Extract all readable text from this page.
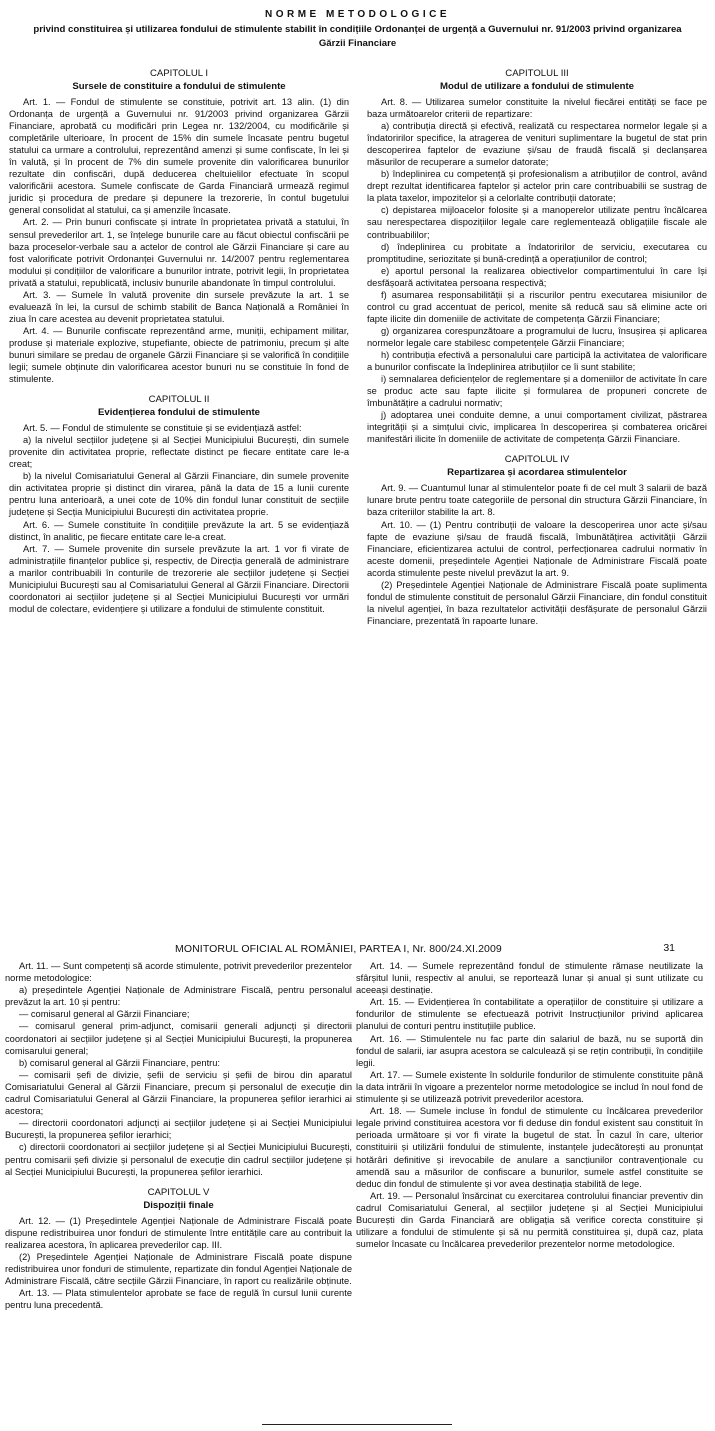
NORME METODOLOGICE
privind constituirea și utilizarea fondului de stimulente stabilit în condițiile Ordonanței de urgență a Guvernului nr. 91/2003 privind organizarea Gărzii Financiare
CAPITOLUL I
Sursele de constituire a fondului de stimulente
Art. 1. — Fondul de stimulente se constituie, potrivit art. 13 alin. (1) din Ordonanța de urgență a Guvernului nr. 91/2003 privind organizarea Gărzii Financiare, aprobată cu modificări prin Legea nr. 132/2004, cu modificările și completările ulterioare, în procent de 15% din sumele încasate pentru bugetul statului ca urmare a controlului, reprezentând amenzi și sume confiscate, în lei și în valută, și în procent de 7% din sumele provenite din valorificarea bunurilor rezultate din confiscări, după deducerea cheltuielilor efectuate în scopul valorificării acestora. Sumele confiscate de Garda Financiară urmează regimul juridic și procedura de predare și depunere la trezorerie, în contul bugetului general consolidat al statului, ca și amenzile încasate.
Art. 2. — Prin bunuri confiscate și intrate în proprietatea privată a statului, în sensul prevederilor art. 1, se înțelege bunurile care au făcut obiectul confiscării pe baza proceselor-verbale sau a actelor de control ale Gărzii Financiare și care au fost valorificate potrivit Ordonanței Guvernului nr. 14/2007 pentru reglementarea modului și condițiilor de valorificare a bunurilor intrate, potrivit legii, în proprietatea privată a statului, republicată, inclusiv bunurile abandonate în timpul controlului.
Art. 3. — Sumele în valută provenite din sursele prevăzute la art. 1 se evaluează în lei, la cursul de schimb stabilit de Banca Națională a României în ziua în care acestea au devenit proprietatea statului.
Art. 4. — Bunurile confiscate reprezentând arme, muniții, echipament militar, produse și materiale explozive, stupefiante, obiecte de patrimoniu, precum și alte bunuri similare se predau de organele Gărzii Financiare și se valorifică în condițiile legii; sumele obținute din valorificarea acestor bunuri nu se constituie în fond de stimulente.
CAPITOLUL II
Evidențierea fondului de stimulente
Art. 5. — Fondul de stimulente se constituie și se evidențiază astfel:
a) la nivelul secțiilor județene și al Secției Municipiului București, din sumele provenite din activitatea proprie, reflectate distinct pe fiecare entitate care le-a creat;
b) la nivelul Comisariatului General al Gărzii Financiare, din sumele provenite din activitatea proprie și distinct din virarea, până la data de 15 a lunii curente pentru luna anterioară, a unei cote de 10% din fondul lunar constituit de secțiile județene și Secția Municipiului București din activitatea proprie.
Art. 6. — Sumele constituite în condițiile prevăzute la art. 5 se evidențiază distinct, în analitic, pe fiecare entitate care le-a creat.
Art. 7. — Sumele provenite din sursele prevăzute la art. 1 vor fi virate de administrațiile finanțelor publice și, respectiv, de Direcția generală de administrare a marilor contribuabili în conturile de trezorerie ale secțiilor județene și Secției Municipiului București sau al Comisariatului General al Gărzii Financiare. Directorii coordonatori ai secțiilor județene și al Secției Municipiului București vor urmări modul de colectare, evidențiere și utilizare a fondului de stimulente constituit.
CAPITOLUL III
Modul de utilizare a fondului de stimulente
Art. 8. — Utilizarea sumelor constituite la nivelul fiecărei entități se face pe baza următoarelor criterii de repartizare:
a) contribuția directă și efectivă, realizată cu respectarea normelor legale și a îndatoririlor specifice, la atragerea de venituri suplimentare la bugetul de stat prin descoperirea faptelor de evaziune și/sau de fraudă fiscală și declanșarea măsurilor de recuperare a sumelor datorate;
b) îndeplinirea cu competență și profesionalism a atribuțiilor de control, având drept rezultat identificarea faptelor și actelor prin care contribuabilii se sustrag de la plata taxelor, impozitelor și a celorlalte contribuții datorate;
c) depistarea mijloacelor folosite și a manoperelor utilizate pentru încălcarea sau nerespectarea dispozițiilor legale care reglementează obligațiile fiscale ale contribuabililor;
d) îndeplinirea cu probitate a îndatoririlor de serviciu, executarea cu promptitudine, seriozitate și bună-credință a operațiunilor de control;
e) aportul personal la realizarea obiectivelor compartimentului în care își desfășoară activitatea persoana respectivă;
f) asumarea responsabilității și a riscurilor pentru executarea misiunilor de control cu grad accentuat de pericol, menite să reducă sau să elimine acte ori fapte ilicite din domeniile de activitate de competența Gărzii Financiare;
g) organizarea corespunzătoare a programului de lucru, însușirea și aplicarea normelor legale care stabilesc competențele Gărzii Financiare;
h) contribuția efectivă a personalului care participă la activitatea de valorificare a bunurilor confiscate la îndeplinirea atribuțiilor ce îi sunt stabilite;
i) semnalarea deficiențelor de reglementare și a domeniilor de activitate în care se produc acte sau fapte ilicite și formularea de propuneri concrete de îmbunătățire a cadrului normativ;
j) adoptarea unei conduite demne, a unui comportament civilizat, păstrarea integrității și a simțului civic, implicarea în descoperirea și combaterea oricărei manifestări ilicite în domeniile de activitate de competența Gărzii Financiare.
CAPITOLUL IV
Repartizarea și acordarea stimulentelor
Art. 9. — Cuantumul lunar al stimulentelor poate fi de cel mult 3 salarii de bază lunare brute pentru toate categoriile de personal din structura Gărzii Financiare, în baza criteriilor stabilite la art. 8.
Art. 10. — (1) Pentru contribuții de valoare la descoperirea unor acte și/sau fapte de evaziune și/sau de fraudă fiscală, îmbunătățirea activității Gărzii Financiare, eficientizarea actului de control, perfecționarea cadrului normativ în aceste domenii, președintele Agenției Naționale de Administrare Fiscală poate acorda stimulente peste nivelul prevăzut la art. 9.
(2) Președintele Agenției Naționale de Administrare Fiscală poate suplimenta fondul de stimulente constituit de personalul Gărzii Financiare, din fondul constituit la nivelul agenției, în baza rezultatelor activității desfășurate de personalul Gărzii Financiare, prezentată în rapoarte lunare.
MONITORUL OFICIAL AL ROMÂNIEI, PARTEA I, Nr. 800/24.XI.2009	31
Art. 11. — Sunt competenți să acorde stimulente, potrivit prevederilor prezentelor norme metodologice:
a) președintele Agenției Naționale de Administrare Fiscală, pentru personalul prevăzut la art. 10 și pentru:
— comisarul general al Gărzii Financiare;
— comisarul general prim-adjunct, comisarii generali adjuncți și directorii coordonatori ai secțiilor județene și al Secției Municipiului București, la propunerea comisarului general;
b) comisarul general al Gărzii Financiare, pentru:
— comisarii șefi de divizie, șefii de serviciu și șefii de birou din aparatul Comisariatului General al Gărzii Financiare, precum și personalul de execuție din cadrul Comisariatului General al Gărzii Financiare, la propunerea șefilor ierarhici ai acestora;
— directorii coordonatori adjuncți ai secțiilor județene și ai Secției Municipiului București, la propunerea șefilor ierarhici;
c) directorii coordonatori ai secțiilor județene și al Secției Municipiului București, pentru comisarii șefi divizie și personalul de execuție din cadrul secțiilor județene și al Secției Municipiului București, la propunerea șefilor ierarhici.
CAPITOLUL V
Dispoziții finale
Art. 12. — (1) Președintele Agenției Naționale de Administrare Fiscală poate dispune redistribuirea unor fonduri de stimulente între entitățile care au contribuit la realizarea acestora, în aplicarea prevederilor cap. III.
(2) Președintele Agenției Naționale de Administrare Fiscală poate dispune redistribuirea unor fonduri de stimulente, repartizate din fondul Agenției Naționale de Administrare Fiscală, către secțiile Gărzii Financiare, în raport cu realizările obținute.
Art. 13. — Plata stimulentelor aprobate se face de regulă în cursul lunii curente pentru luna precedentă.
Art. 14. — Sumele reprezentând fondul de stimulente rămase neutilizate la sfârșitul lunii, respectiv al anului, se reportează lunar și anual și sunt utilizate cu aceeași destinație.
Art. 15. — Evidențierea în contabilitate a operațiilor de constituire și utilizare a fondurilor de stimulente se efectuează potrivit Instrucțiunilor privind aplicarea planului de conturi pentru instituțiile publice.
Art. 16. — Stimulentele nu fac parte din salariul de bază, nu se suportă din fondul de salarii, iar asupra acestora se calculează și se rețin contribuții, în condițiile legii.
Art. 17. — Sumele existente în soldurile fondurilor de stimulente constituite până la data intrării în vigoare a prezentelor norme metodologice se includ în noul fond de stimulente și se utilizează potrivit prevederilor acestora.
Art. 18. — Sumele incluse în fondul de stimulente cu încălcarea prevederilor legale privind constituirea acestora vor fi deduse din fondul existent sau constituit în perioada următoare și vor fi virate la bugetul de stat. În cazul în care, ulterior constituirii și utilizării fondului de stimulente, instanțele judecătorești au pronunțat hotărâri definitive și irevocabile de anulare a sancțiunilor contravenționale cu amendă sau a măsurilor de confiscare a bunurilor, sumele astfel constituite se deduc din fondul de stimulente și vor avea destinația stabilită de lege.
Art. 19. — Personalul însărcinat cu exercitarea controlului financiar preventiv din cadrul Comisariatului General, al secțiilor județene și al Secției Municipiului București din Garda Financiară are obligația să verifice corecta constituire și utilizare a fondului de stimulente și să nu permită constituirea și, după caz, plata sumelor încasate cu încălcarea prevederilor prezentelor norme metodologice.
